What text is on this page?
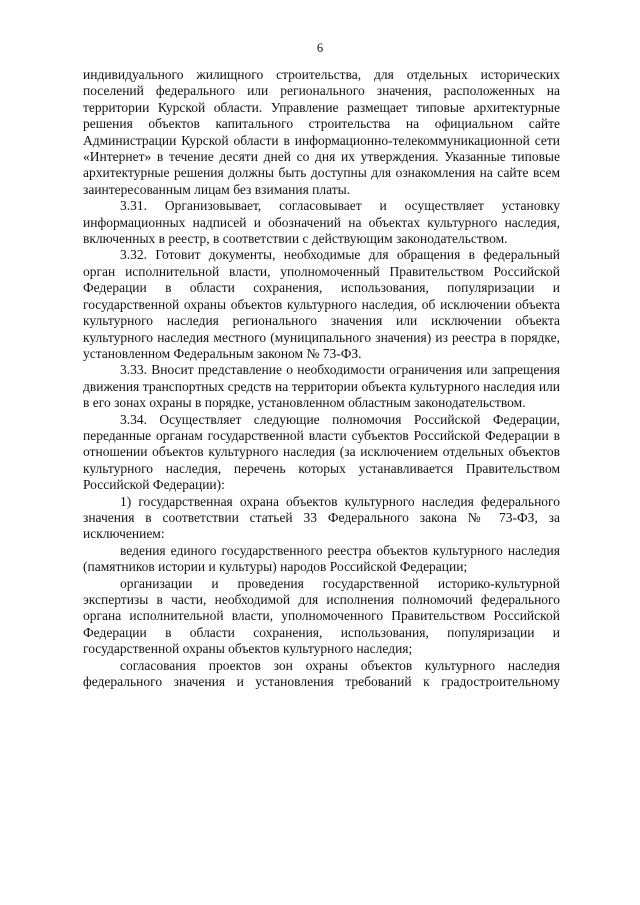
6

индивидуального жилищного строительства, для отдельных исторических поселений федерального или регионального значения, расположенных на территории Курской области. Управление размещает типовые архитектурные решения объектов капитального строительства на официальном сайте Администрации Курской области в информационно-телекоммуникационной сети «Интернет» в течение десяти дней со дня их утверждения. Указанные типовые архитектурные решения должны быть доступны для ознакомления на сайте всем заинтересованным лицам без взимания платы.

3.31. Организовывает, согласовывает и осуществляет установку информационных надписей и обозначений на объектах культурного наследия, включенных в реестр, в соответствии с действующим законодательством.

3.32. Готовит документы, необходимые для обращения в федеральный орган исполнительной власти, уполномоченный Правительством Российской Федерации в области сохранения, использования, популяризации и государственной охраны объектов культурного наследия, об исключении объекта культурного наследия регионального значения или исключении объекта культурного наследия местного (муниципального значения) из реестра в порядке, установленном Федеральным законом № 73-ФЗ.

3.33. Вносит представление о необходимости ограничения или запрещения движения транспортных средств на территории объекта культурного наследия или в его зонах охраны в порядке, установленном областным законодательством.

3.34. Осуществляет следующие полномочия Российской Федерации, переданные органам государственной власти субъектов Российской Федерации в отношении объектов культурного наследия (за исключением отдельных объектов культурного наследия, перечень которых устанавливается Правительством Российской Федерации):

1) государственная охрана объектов культурного наследия федерального значения в соответствии статьей 33 Федерального закона № 73-ФЗ, за исключением:

ведения единого государственного реестра объектов культурного наследия (памятников истории и культуры) народов Российской Федерации;

организации и проведения государственной историко-культурной экспертизы в части, необходимой для исполнения полномочий федерального органа исполнительной власти, уполномоченного Правительством Российской Федерации в области сохранения, использования, популяризации и государственной охраны объектов культурного наследия;

согласования проектов зон охраны объектов культурного наследия федерального значения и установления требований к градостроительному
